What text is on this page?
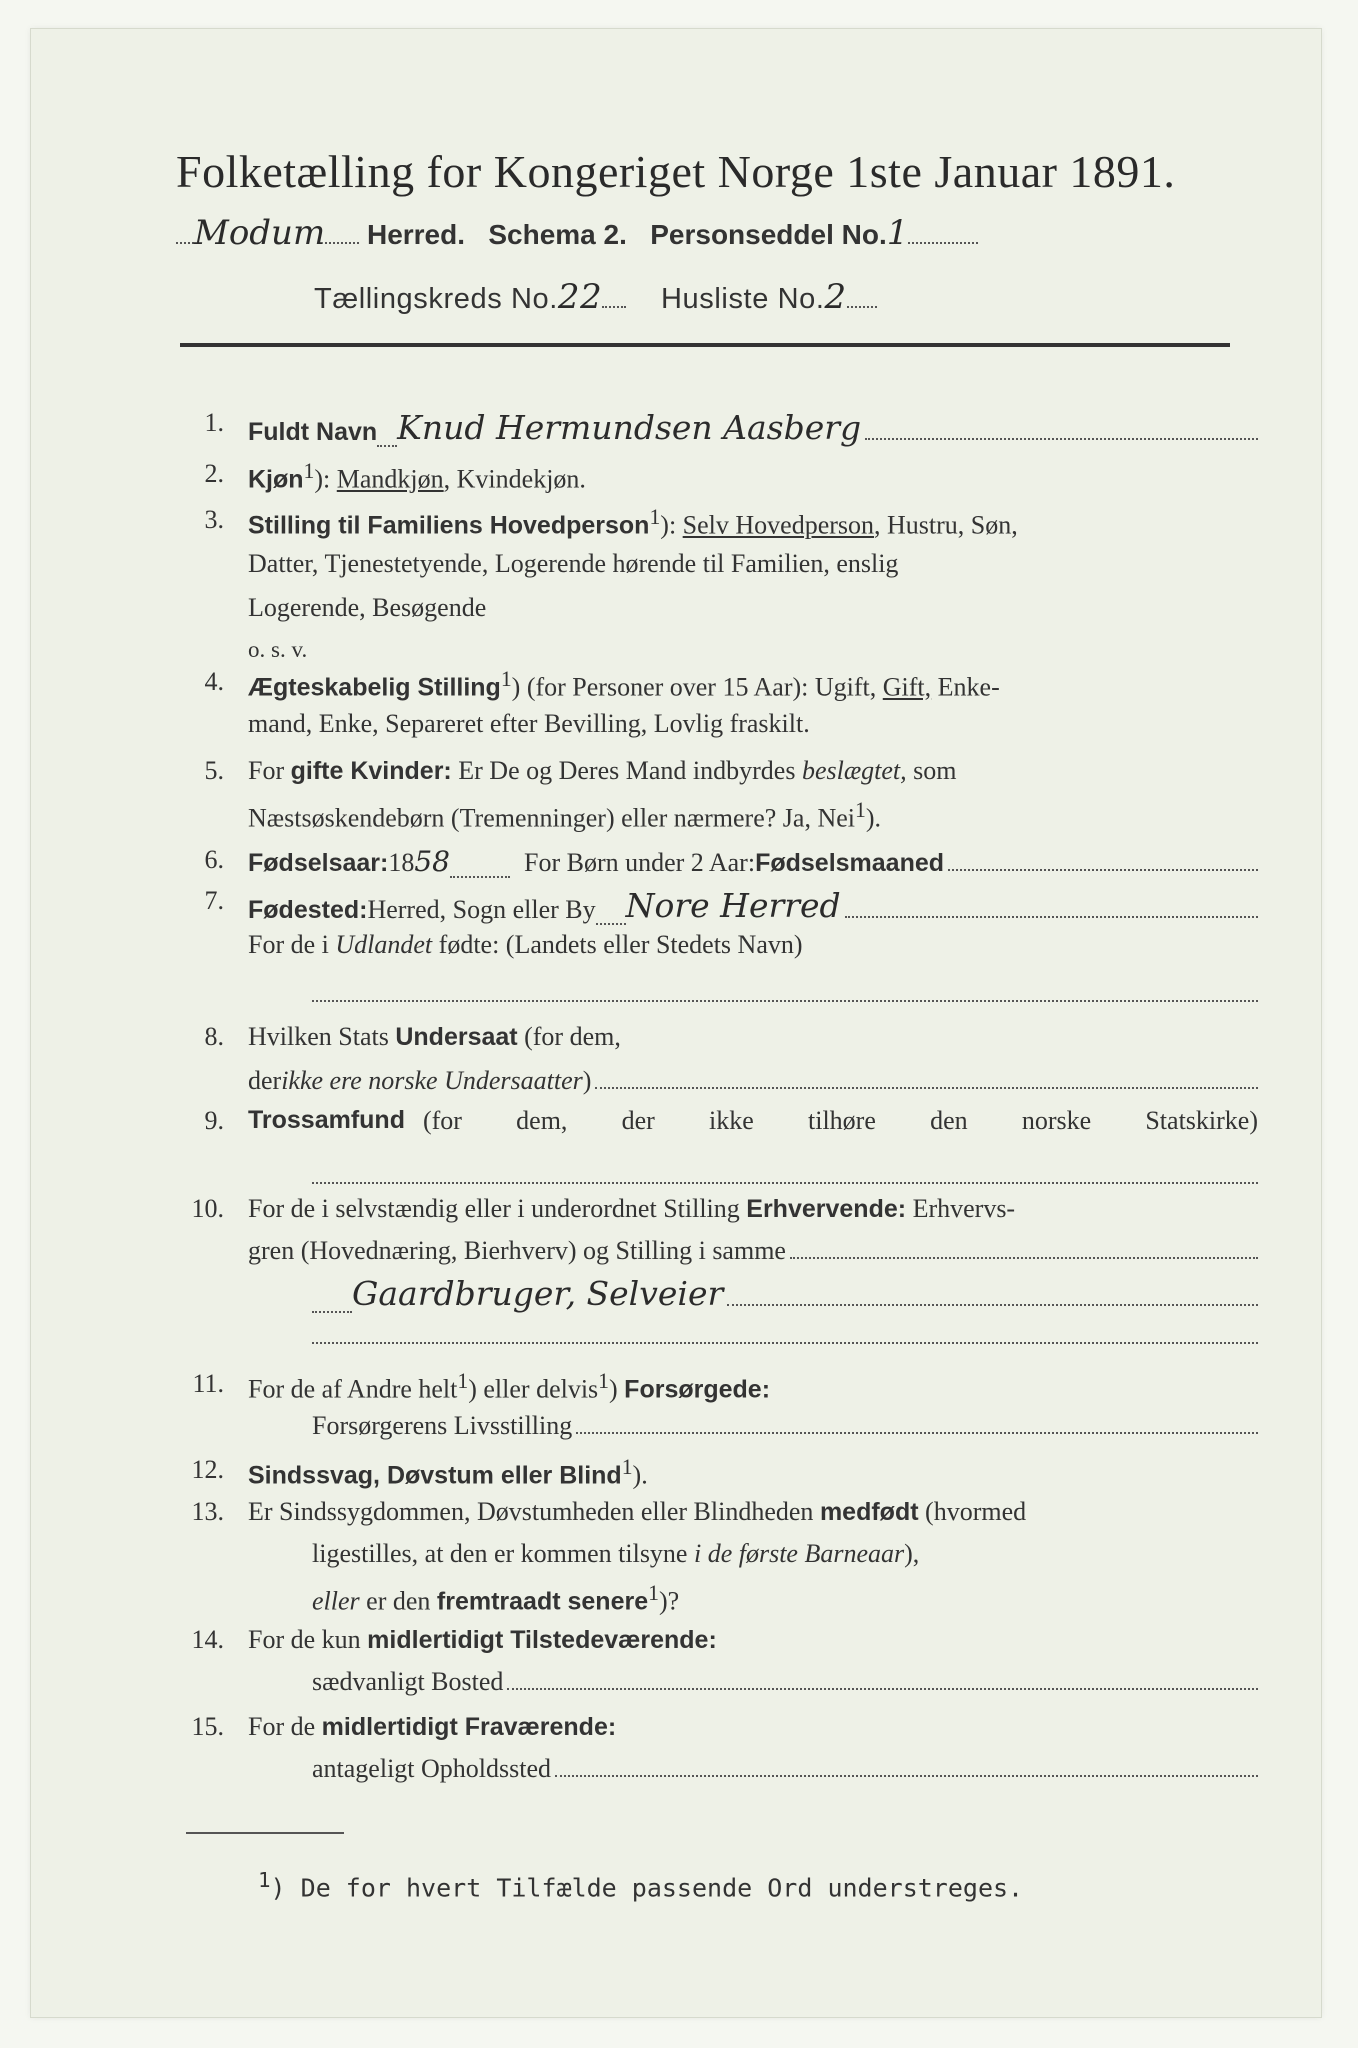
Folketælling for Kongeriget Norge 1ste Januar 1891.
Modum Herred. Schema 2. Personseddel No.1
Tællingskreds No.22 Husliste No.2
1. Fuldt Navn Knud Hermundsen Aasberg
2. Kjøn$^1$): Mandkjøn, Kvindekjøn.
3. Stilling til Familiens Hovedperson$^1$): Selv Hovedperson, Hustru, Søn,
Datter, Tjenestetyende, Logerende hørende til Familien, enslig
Logerende, Besøgende
o. s. v.
4. Ægteskabelig Stilling$^1$) (for Personer over 15 Aar): Ugift, Gift, Enke-
mand, Enke, Separeret efter Bevilling, Lovlig fraskilt.
5. For gifte Kvinder: Er De og Deres Mand indbyrdes beslægtet, som
Næstsøskendebørn (Tremenninger) eller nærmere? Ja, Nei$^1$).
6. Fødselsaar: 18 58	For Børn under 2 Aar: Fødselsmaaned
7. Fødested: Herred, Sogn eller By Nore Herred
For de i Udlandet fødte: (Landets eller Stedets Navn)
8. Hvilken Stats Undersaat (for dem,
der ikke ere norske Undersaatter )
9. Trossamfund (for dem, der ikke tilhøre den norske Statskirke)
10. For de i selvstændig eller i underordnet Stilling Erhvervende: Erhvervs-
gren (Hovednæring, Bierhverv) og Stilling i samme
Gaardbruger, Selveier
11. For de af Andre helt$^1$) eller delvis$^1$) Forsørgede:
Forsørgerens Livsstilling
12. Sindssvag, Døvstum eller Blind$^1$).
13. Er Sindssygdommen, Døvstumheden eller Blindheden medfødt (hvormed
ligestilles, at den er kommen tilsyne i de første Barneaar),
eller er den fremtraadt senere$^1$)?
14. For de kun midlertidigt Tilstedeværende:
sædvanligt Bosted
15. For de midlertidigt Fraværende:
antageligt Opholdssted
$^1$) De for hvert Tilfælde passende Ord understreges.
